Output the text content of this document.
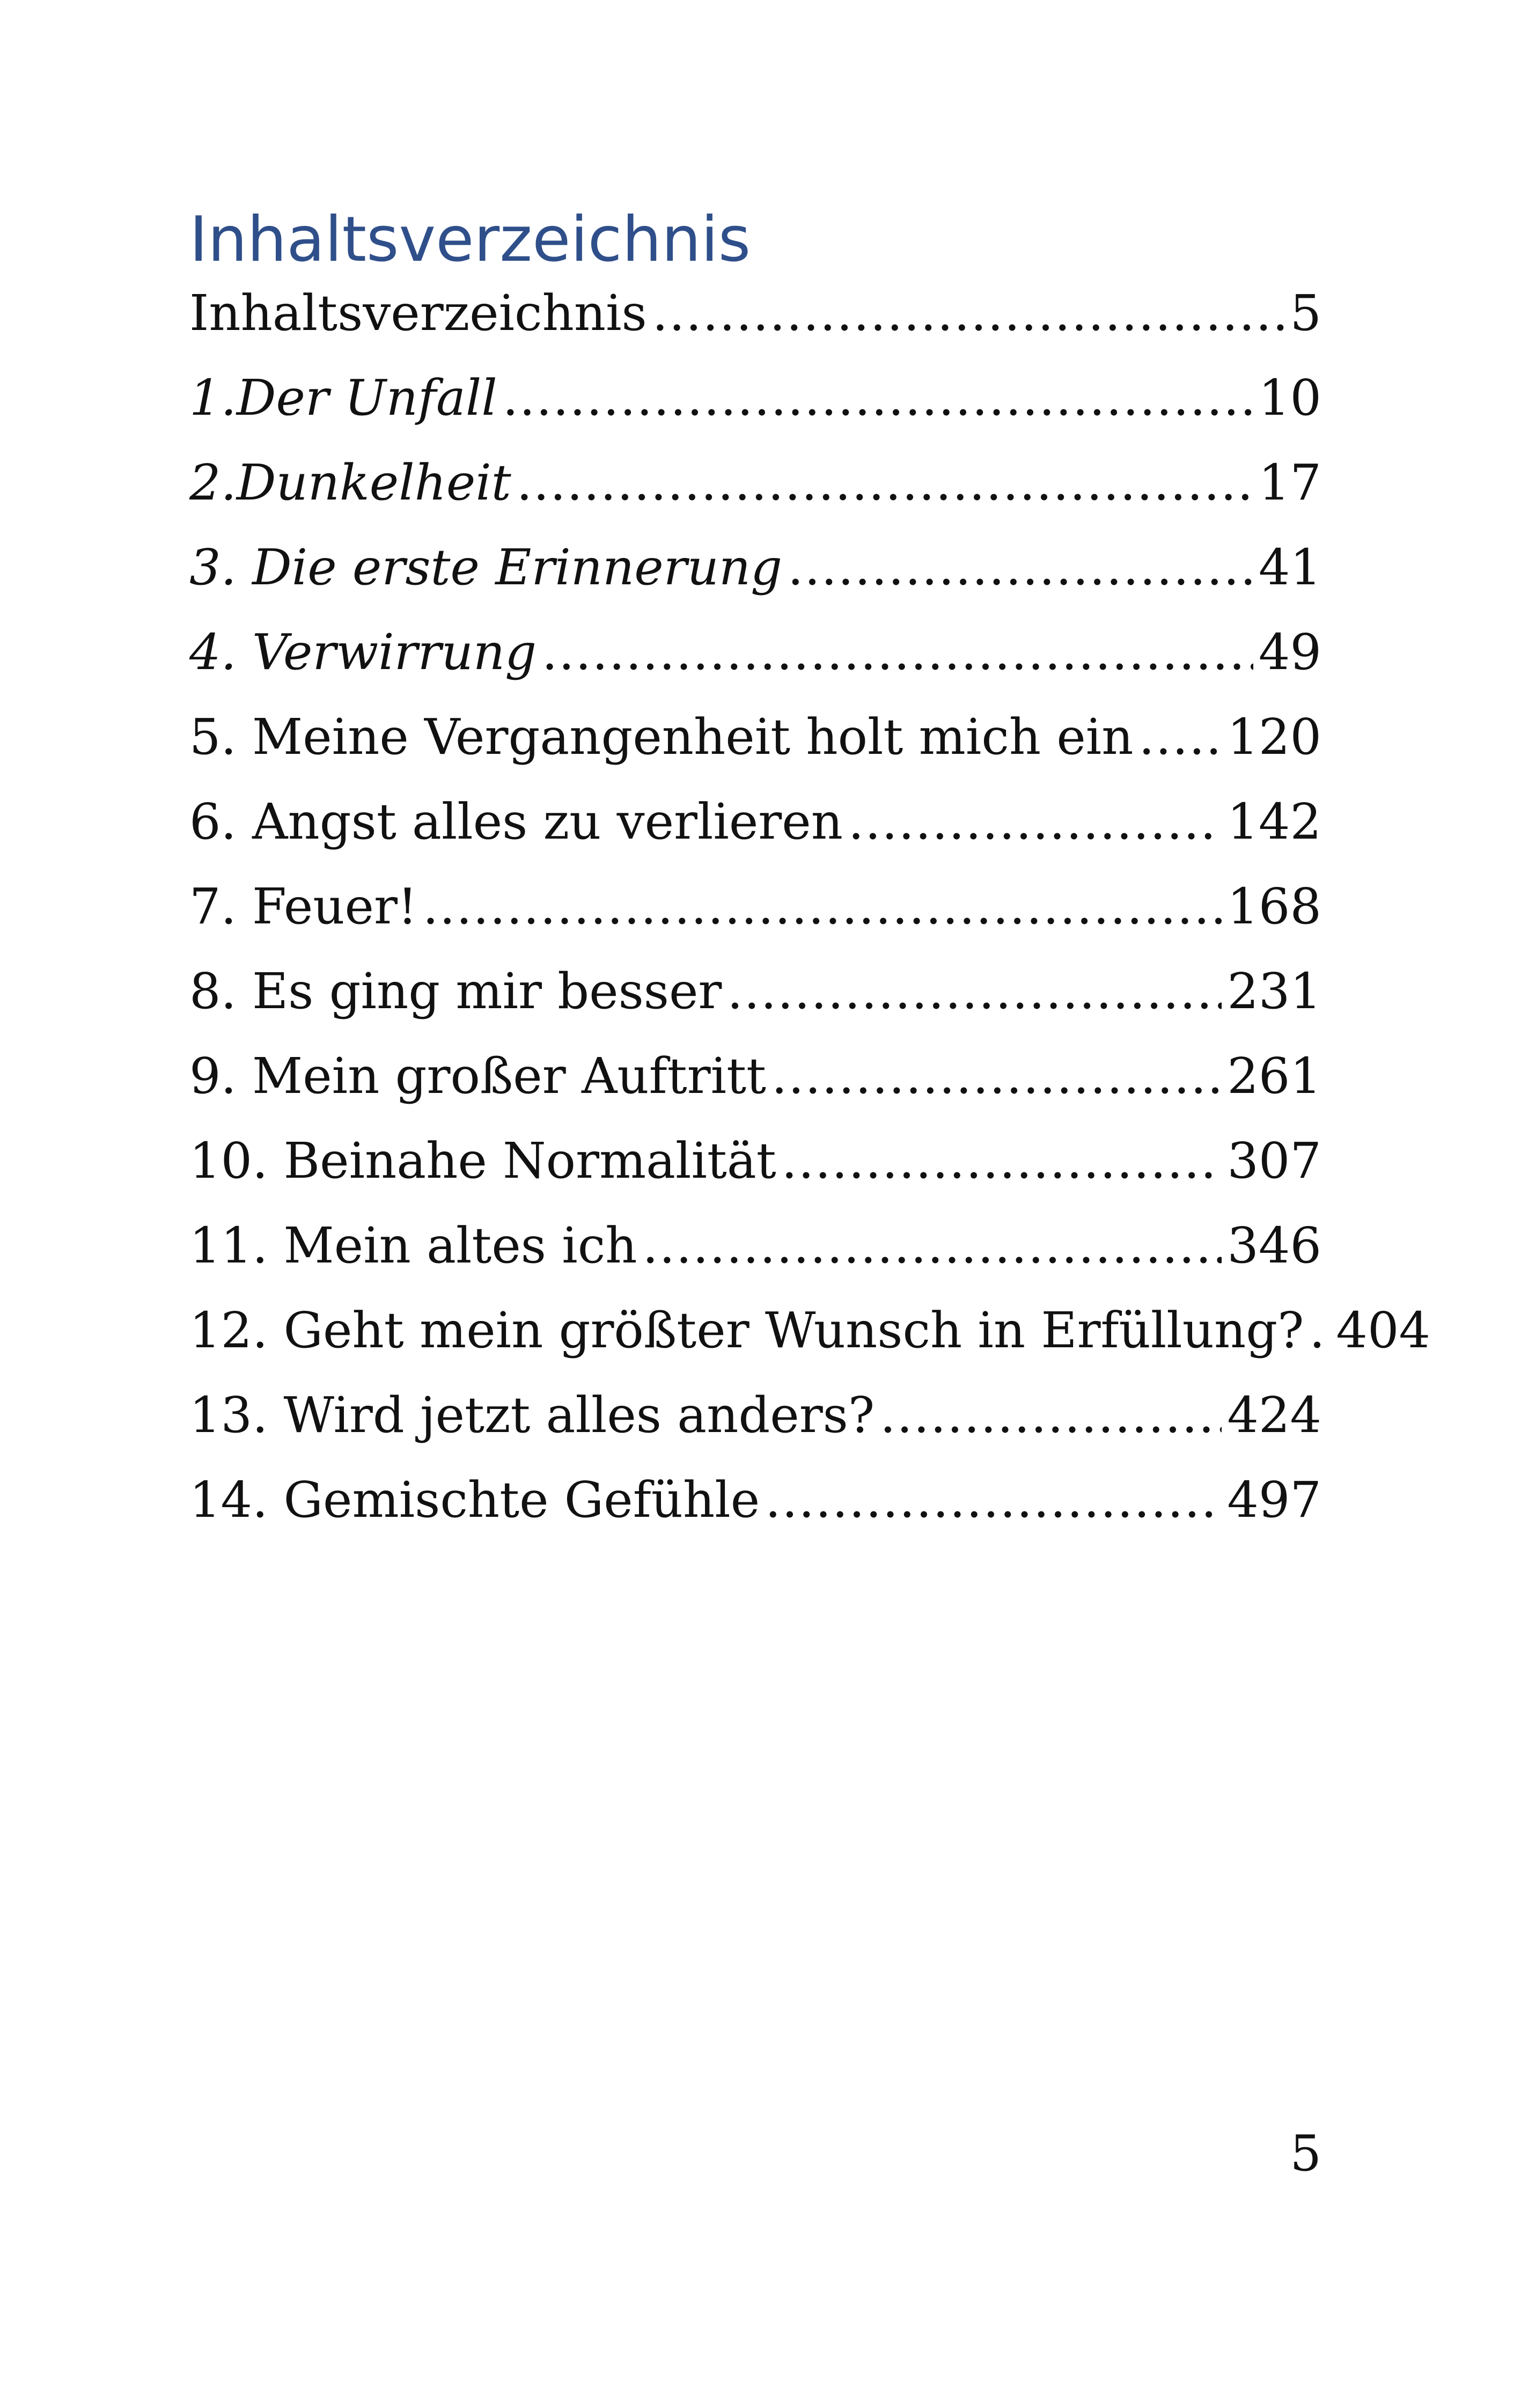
Inhaltsverzeichnis
Inhaltsverzeichnis .....	5
1.Der Unfall .....	10
2.Dunkelheit .....	17
3. Die erste Erinnerung .....	41
4. Verwirrung .....	49
5. Meine Vergangenheit holt mich ein ..... 120
6. Angst alles zu verlieren .....	142
7. Feuer! .....	168
8. Es ging mir besser .....	231
9. Mein großer Auftritt .....	261
10. Beinahe Normalität .....	307
11. Mein altes ich .....	346
12. Geht mein größter Wunsch in Erfüllung? ..... 404
13. Wird jetzt alles anders? .....	424
14. Gemischte Gefühle .....	497

5
